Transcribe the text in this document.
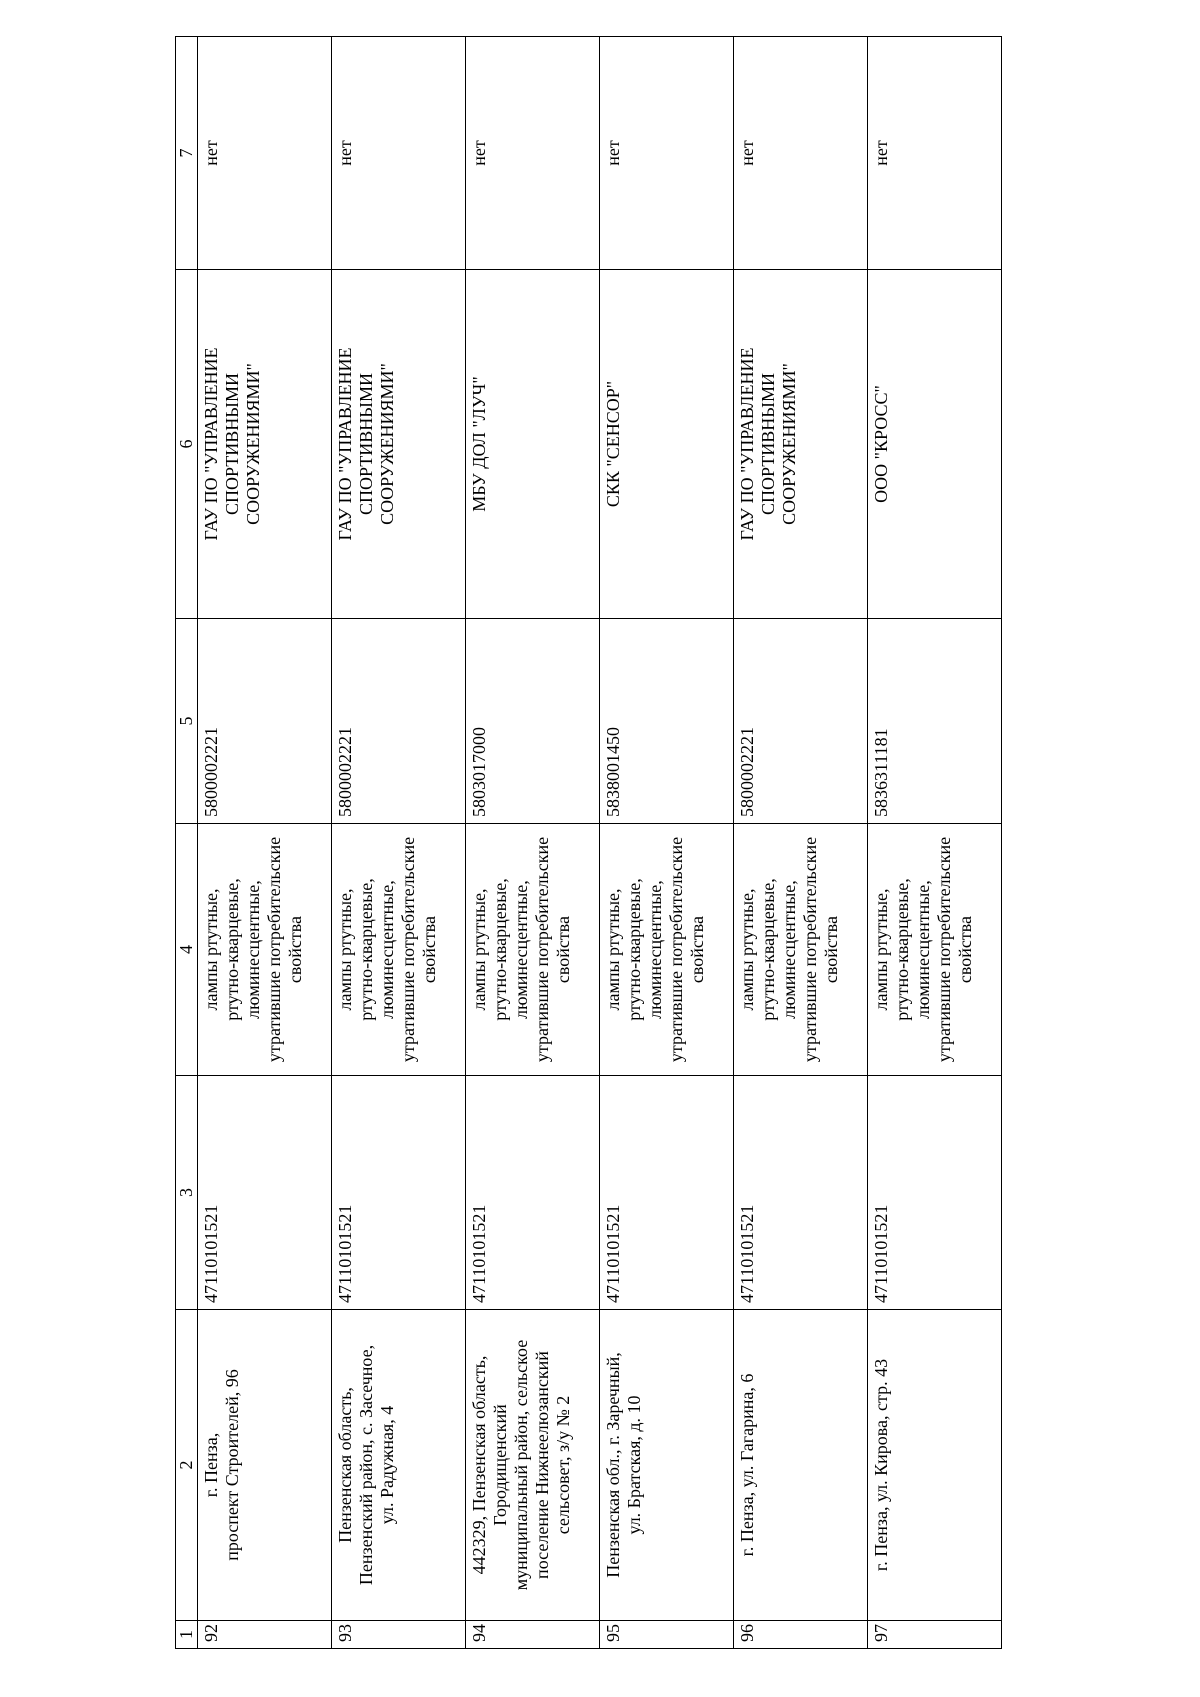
1	2	3	4	5	6	7
92	г. Пенза, проспект Строителей, 96	47110101521	лампы ртутные, ртутно-кварцевые, люминесцентные, утратившие потребительские свойства	5800002221	ГАУ ПО "УПРАВЛЕНИЕ СПОРТИВНЫМИ СООРУЖЕНИЯМИ"	нет
93	Пензенская область, Пензенский район, с. Засечное, ул. Радужная, 4	47110101521	лампы ртутные, ртутно-кварцевые, люминесцентные, утратившие потребительские свойства	5800002221	ГАУ ПО "УПРАВЛЕНИЕ СПОРТИВНЫМИ СООРУЖЕНИЯМИ"	нет
94	442329, Пензенская область, Городищенский муниципальный район, сельское поселение Нижнеелюзанский сельсовет, з/у № 2	47110101521	лампы ртутные, ртутно-кварцевые, люминесцентные, утратившие потребительские свойства	5803017000	МБУ ДОЛ "ЛУЧ"	нет
95	Пензенская обл., г. Заречный, ул. Братская, д. 10	47110101521	лампы ртутные, ртутно-кварцевые, люминесцентные, утратившие потребительские свойства	5838001450	СКК "СЕНСОР"	нет
96	г. Пенза, ул. Гагарина, 6	47110101521	лампы ртутные, ртутно-кварцевые, люминесцентные, утратившие потребительские свойства	5800002221	ГАУ ПО "УПРАВЛЕНИЕ СПОРТИВНЫМИ СООРУЖЕНИЯМИ"	нет
97	г. Пенза, ул. Кирова, стр. 43	47110101521	лампы ртутные, ртутно-кварцевые, люминесцентные, утратившие потребительские свойства	5836311181	ООО "КРОСС"	нет
